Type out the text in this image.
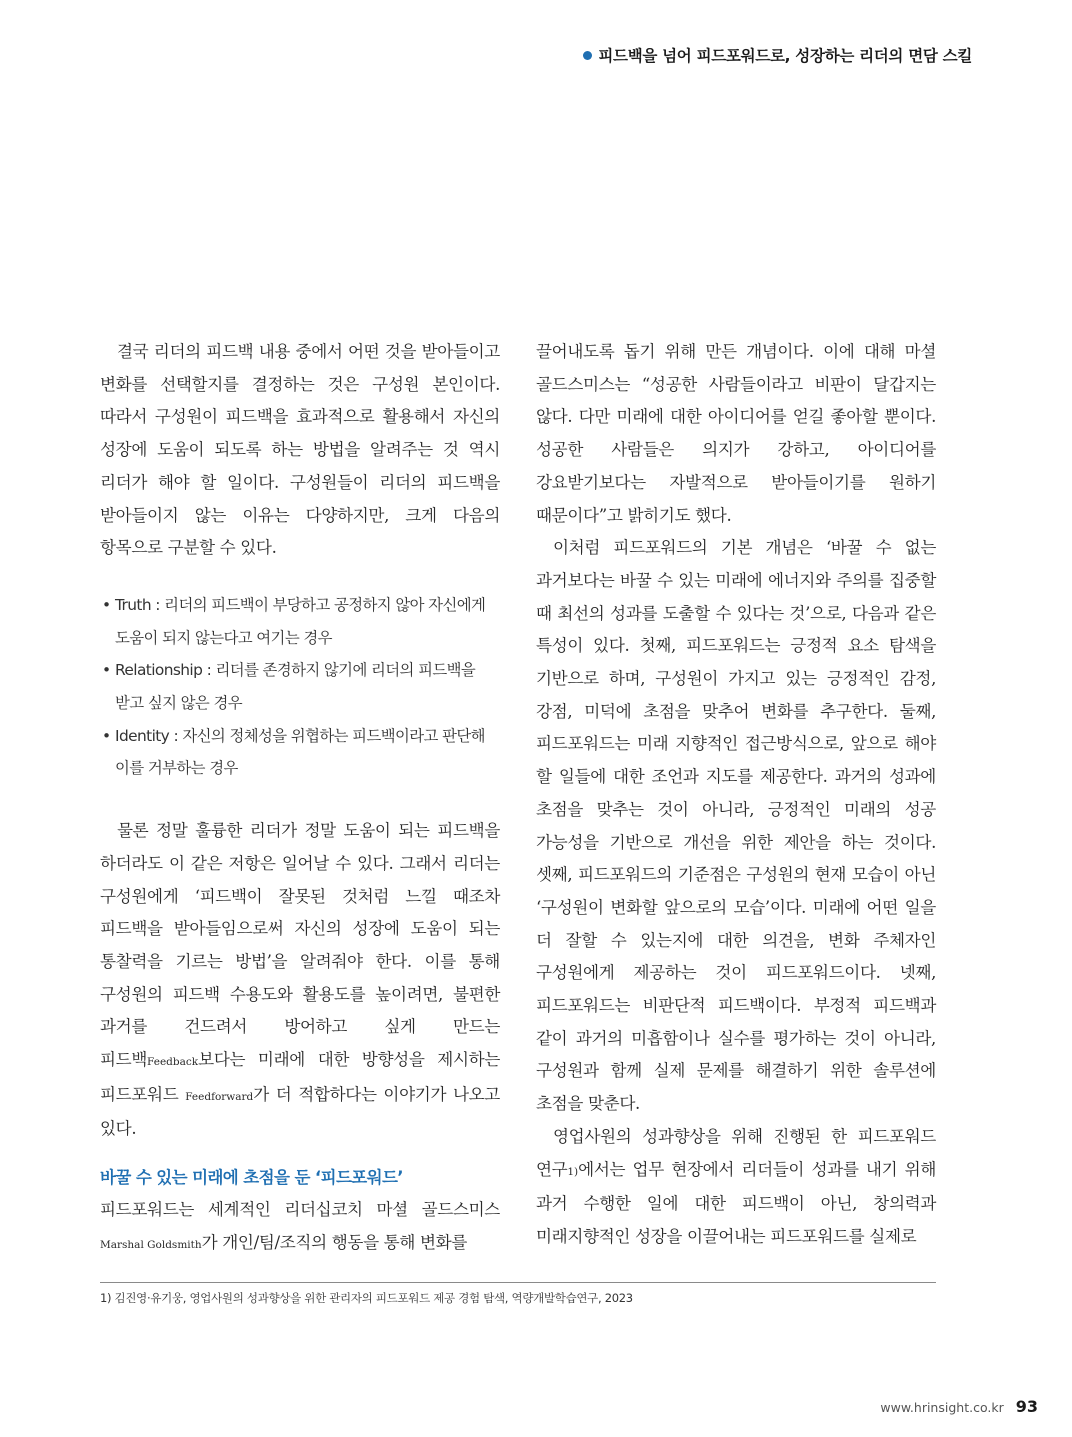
피드백을 넘어 피드포워드로, 성장하는 리더의 면담 스킬

결국 리더의 피드백 내용 중에서 어떤 것을 받아들이고 변화를 선택할지를 결정하는 것은 구성원 본인이다. 따라서 구성원이 피드백을 효과적으로 활용해서 자신의 성장에 도움이 되도록 하는 방법을 알려주는 것 역시 리더가 해야 할 일이다. 구성원들이 리더의 피드백을 받아들이지 않는 이유는 다양하지만, 크게 다음의 항목으로 구분할 수 있다.

• Truth : 리더의 피드백이 부당하고 공정하지 않아 자신에게 도움이 되지 않는다고 여기는 경우
• Relationship : 리더를 존경하지 않기에 리더의 피드백을 받고 싶지 않은 경우
• Identity : 자신의 정체성을 위협하는 피드백이라고 판단해 이를 거부하는 경우

물론 정말 훌륭한 리더가 정말 도움이 되는 피드백을 하더라도 이 같은 저항은 일어날 수 있다. 그래서 리더는 구성원에게 ‘피드백이 잘못된 것처럼 느낄 때조차 피드백을 받아들임으로써 자신의 성장에 도움이 되는 통찰력을 기르는 방법’을 알려줘야 한다. 이를 통해 구성원의 피드백 수용도와 활용도를 높이려면, 불편한 과거를 건드려서 방어하고 싶게 만드는 피드백Feedback보다는 미래에 대한 방향성을 제시하는 피드포워드 Feedforward가 더 적합하다는 이야기가 나오고 있다.

바꿀 수 있는 미래에 초점을 둔 ‘피드포워드’

피드포워드는 세계적인 리더십코치 마셜 골드스미스 Marshal Goldsmith가 개인/팀/조직의 행동을 통해 변화를

끌어내도록 돕기 위해 만든 개념이다. 이에 대해 마셜 골드스미스는 “성공한 사람들이라고 비판이 달갑지는 않다. 다만 미래에 대한 아이디어를 얻길 좋아할 뿐이다. 성공한 사람들은 의지가 강하고, 아이디어를 강요받기보다는 자발적으로 받아들이기를 원하기 때문이다”고 밝히기도 했다.

이처럼 피드포워드의 기본 개념은 ‘바꿀 수 없는 과거보다는 바꿀 수 있는 미래에 에너지와 주의를 집중할 때 최선의 성과를 도출할 수 있다는 것’으로, 다음과 같은 특성이 있다. 첫째, 피드포워드는 긍정적 요소 탐색을 기반으로 하며, 구성원이 가지고 있는 긍정적인 감정, 강점, 미덕에 초점을 맞추어 변화를 추구한다. 둘째, 피드포워드는 미래 지향적인 접근방식으로, 앞으로 해야 할 일들에 대한 조언과 지도를 제공한다. 과거의 성과에 초점을 맞추는 것이 아니라, 긍정적인 미래의 성공 가능성을 기반으로 개선을 위한 제안을 하는 것이다. 셋째, 피드포워드의 기준점은 구성원의 현재 모습이 아닌 ‘구성원이 변화할 앞으로의 모습’이다. 미래에 어떤 일을 더 잘할 수 있는지에 대한 의견을, 변화 주체자인 구성원에게 제공하는 것이 피드포워드이다. 넷째, 피드포워드는 비판단적 피드백이다. 부정적 피드백과 같이 과거의 미흡함이나 실수를 평가하는 것이 아니라, 구성원과 함께 실제 문제를 해결하기 위한 솔루션에 초점을 맞춘다.

영업사원의 성과향상을 위해 진행된 한 피드포워드 연구1)에서는 업무 현장에서 리더들이 성과를 내기 위해 과거 수행한 일에 대한 피드백이 아닌, 창의력과 미래지향적인 성장을 이끌어내는 피드포워드를 실제로

1) 김진영·유기웅, 영업사원의 성과향상을 위한 관리자의 피드포워드 제공 경험 탐색, 역량개발학습연구, 2023
www.hrinsight.co.kr 93
